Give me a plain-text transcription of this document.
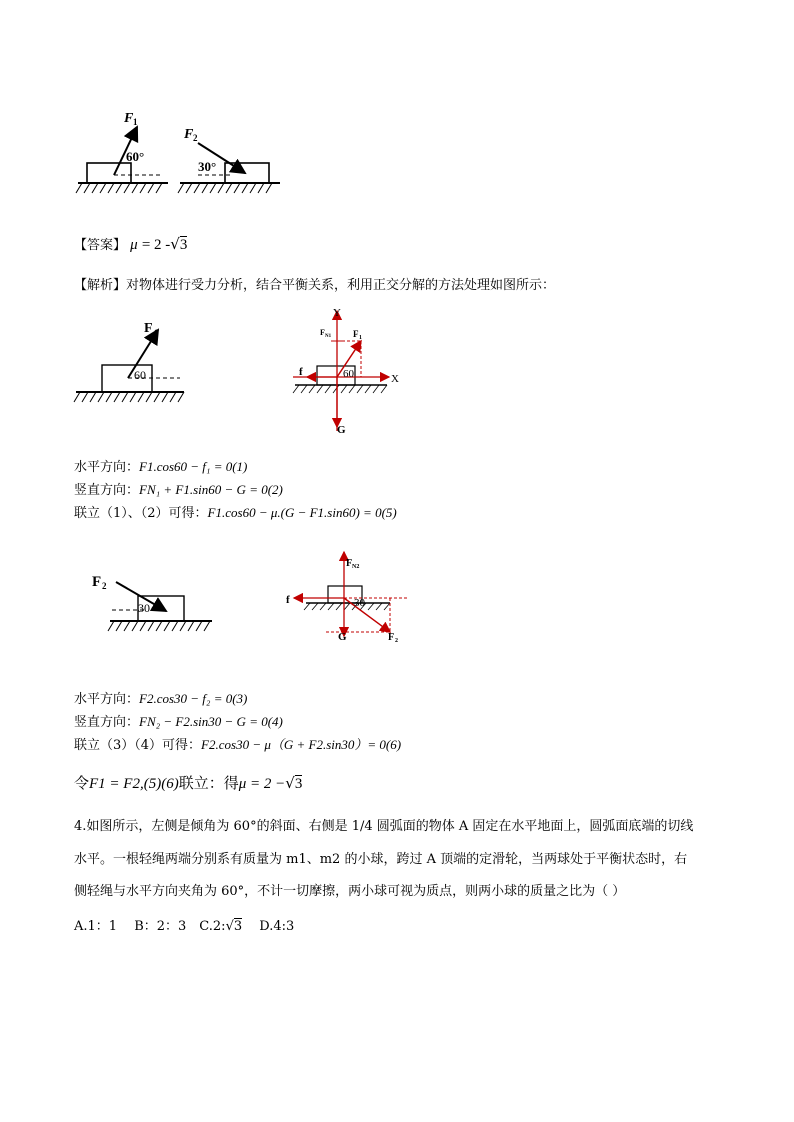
F 1
60°
F 2
30°
【答案】 μ = 2 -√3
【解析】对物体进行受力分析，结合平衡关系，利用正交分解的方法处理如图所示：
F 1
60
Y
X
F N1 F 1
f	60
G
水平方向：F1.cos60 − f₁ = 0(1)
竖直方向：FN₁ + F1.sin60 − G = 0(2)
联立（1）、（2）可得：F1.cos60 − μ.(G − F1.sin60) = 0(5)
F 2
30
F N2
f	30
G	F 2
水平方向：F2.cos30 − f₂ = 0(3)
竖直方向：FN₂ − F2.sin30 − G = 0(4)
联立（3）（4）可得：F2.cos30 − μ（G + F2.sin30）= 0(6)
令F1 = F2,(5)(6)联立：得μ = 2 −√3
4.如图所示，左侧是倾角为 60°的斜面、右侧是 1/4 圆弧面的物体 A 固定在水平地面上，圆弧面底端的切线
水平。一根轻绳两端分别系有质量为 m1、m2 的小球，跨过 A 顶端的定滑轮，当两球处于平衡状态时，右
侧轻绳与水平方向夹角为 60°，不计一切摩擦，两小球可视为质点，则两小球的质量之比为（ ）
A.1：1　 B：2：3　C.2:√3　 D.4:3
